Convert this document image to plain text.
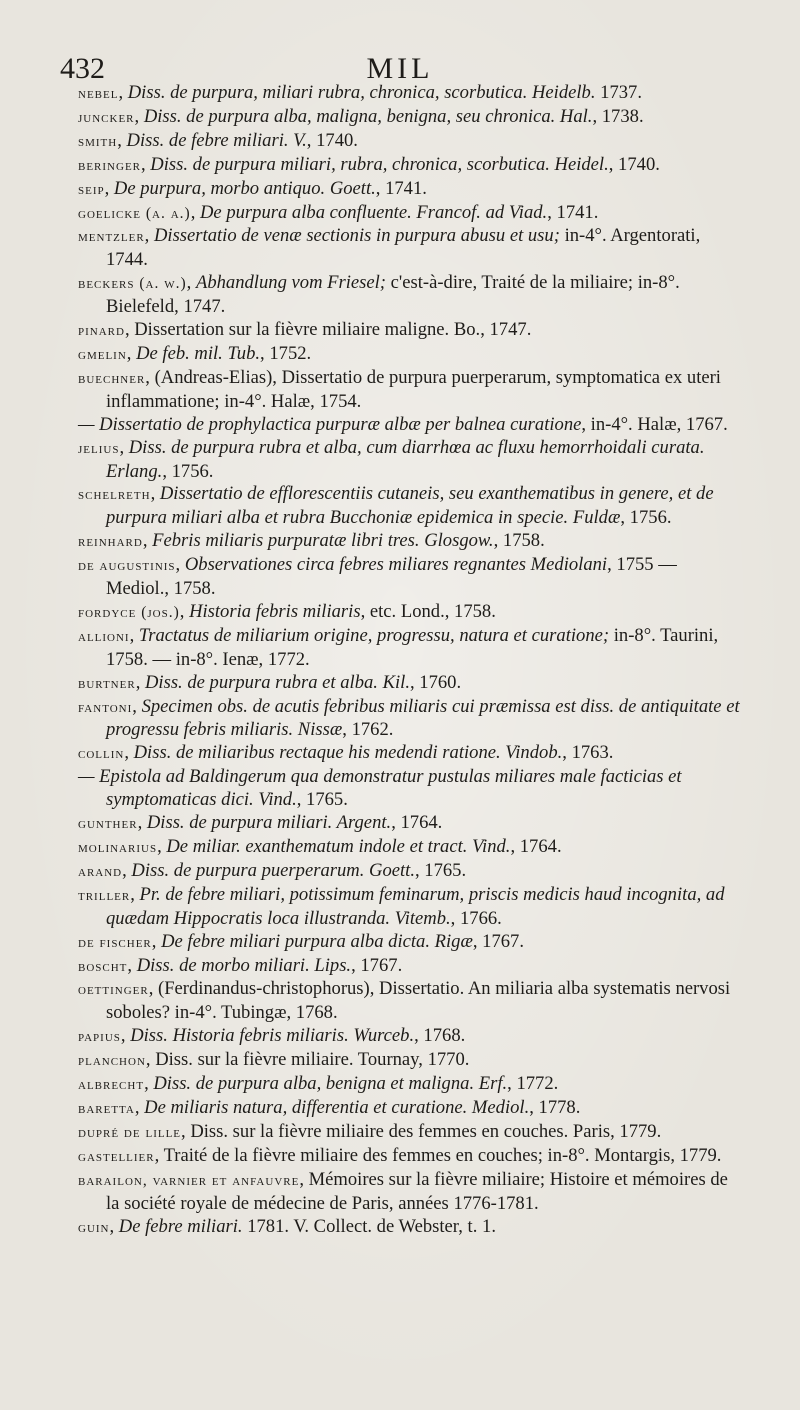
432	MIL

nebel, Diss. de purpura, miliari rubra, chronica, scorbutica. Heidelb. 1737.

juncker, Diss. de purpura alba, maligna, benigna, seu chronica. Hal., 1738.

smith, Diss. de febre miliari. V., 1740.

beringer, Diss. de purpura miliari, rubra, chronica, scorbutica. Heidel., 1740.

seip, De purpura, morbo antiquo. Goett., 1741.

goelicke (a. a.), De purpura alba confluente. Francof. ad Viad., 1741.

mentzler, Dissertatio de venæ sectionis in purpura abusu et usu; in-4°. Argentorati, 1744.

beckers (a. w.), Abhandlung vom Friesel; c'est-à-dire, Traité de la miliaire; in-8°. Bielefeld, 1747.

pinard, Dissertation sur la fièvre miliaire maligne. Bo., 1747.

gmelin, De feb. mil. Tub., 1752.

buechner, (Andreas-Elias), Dissertatio de purpura puerperarum, symptomatica ex uteri inflammatione; in-4°. Halæ, 1754.

— Dissertatio de prophylactica purpuræ albæ per balnea curatione, in-4°. Halæ, 1767.

jelius, Diss. de purpura rubra et alba, cum diarrhœa ac fluxu hemorrhoidali curata. Erlang., 1756.

schelreth, Dissertatio de efflorescentiis cutaneis, seu exanthematibus in genere, et de purpura miliari alba et rubra Bucchoniæ epidemica in specie. Fuldæ, 1756.

reinhard, Febris miliaris purpuratæ libri tres. Glosgow., 1758.

de augustinis, Observationes circa febres miliares regnantes Mediolani, 1755 — Mediol., 1758.

fordyce (jos.), Historia febris miliaris, etc. Lond., 1758.

allioni, Tractatus de miliarium origine, progressu, natura et curatione; in-8°. Taurini, 1758. — in-8°. Ienæ, 1772.

burtner, Diss. de purpura rubra et alba. Kil., 1760.

fantoni, Specimen obs. de acutis febribus miliaris cui præmissa est diss. de antiquitate et progressu febris miliaris. Nissæ, 1762.

collin, Diss. de miliaribus rectaque his medendi ratione. Vindob., 1763.

— Epistola ad Baldingerum qua demonstratur pustulas miliares male facticias et symptomaticas dici. Vind., 1765.

gunther, Diss. de purpura miliari. Argent., 1764.

molinarius, De miliar. exanthematum indole et tract. Vind., 1764.

arand, Diss. de purpura puerperarum. Goett., 1765.

triller, Pr. de febre miliari, potissimum feminarum, priscis medicis haud incognita, ad quædam Hippocratis loca illustranda. Vitemb., 1766.

de fischer, De febre miliari purpura alba dicta. Rigæ, 1767.

boscht, Diss. de morbo miliari. Lips., 1767.

oettinger, (Ferdinandus-christophorus), Dissertatio. An miliaria alba systematis nervosi soboles? in-4°. Tubingæ, 1768.

papius, Diss. Historia febris miliaris. Wurceb., 1768.

planchon, Diss. sur la fièvre miliaire. Tournay, 1770.

albrecht, Diss. de purpura alba, benigna et maligna. Erf., 1772.

baretta, De miliaris natura, differentia et curatione. Mediol., 1778.

dupré de lille, Diss. sur la fièvre miliaire des femmes en couches. Paris, 1779.

gastellier, Traité de la fièvre miliaire des femmes en couches; in-8°. Montargis, 1779.

barailon, varnier et anfauvre, Mémoires sur la fièvre miliaire; Histoire et mémoires de la société royale de médecine de Paris, années 1776-1781.

guin, De febre miliari. 1781. V. Collect. de Webster, t. 1.
